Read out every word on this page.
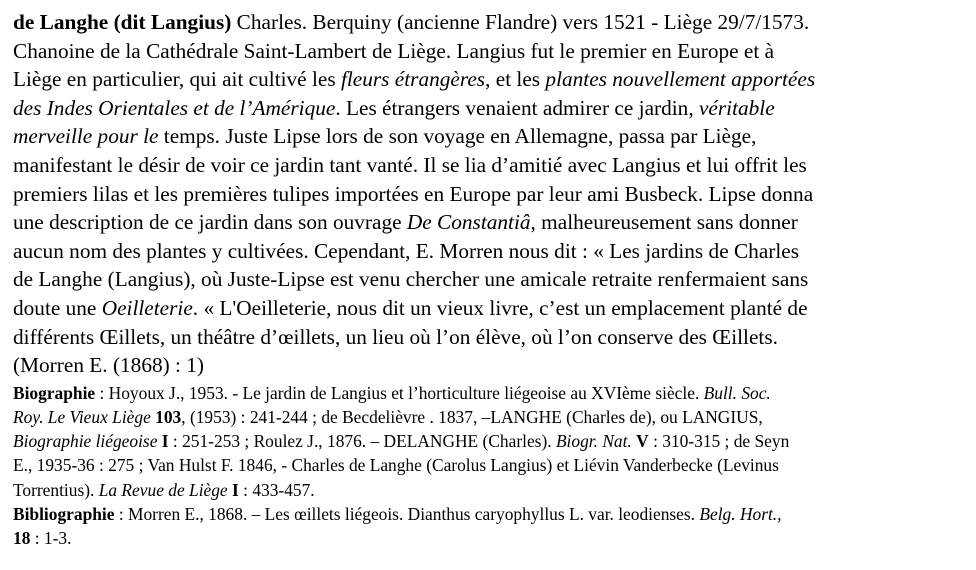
de Langhe (dit Langius) Charles. Berquiny (ancienne Flandre) vers 1521 - Liège 29/7/1573.
Chanoine de la Cathédrale Saint-Lambert de Liège. Langius fut le premier en Europe et à
Liège en particulier, qui ait cultivé les fleurs étrangères, et les plantes nouvellement apportées
des Indes Orientales et de l’Amérique. Les étrangers venaient admirer ce jardin, véritable
merveille pour le temps. Juste Lipse lors de son voyage en Allemagne, passa par Liège,
manifestant le désir de voir ce jardin tant vanté. Il se lia d’amitié avec Langius et lui offrit les
premiers lilas et les premières tulipes importées en Europe par leur ami Busbeck. Lipse donna
une description de ce jardin dans son ouvrage De Constantiâ, malheureusement sans donner
aucun nom des plantes y cultivées. Cependant, E. Morren nous dit : « Les jardins de Charles
de Langhe (Langius), où Juste-Lipse est venu chercher une amicale retraite renfermaient sans
doute une Oeilleterie. « L'Oeilleterie, nous dit un vieux livre, c’est un emplacement planté de
différents Œillets, un théâtre d’œillets, un lieu où l’on élève, où l’on conserve des Œillets.
(Morren E. (1868) : 1)
Biographie : Hoyoux J., 1953. - Le jardin de Langius et l’horticulture liégeoise au XVIème siècle. Bull. Soc.
Roy. Le Vieux Liège 103, (1953) : 241-244 ; de Becdelièvre . 1837, –LANGHE (Charles de), ou LANGIUS,
Biographie liégeoise I : 251-253 ; Roulez J., 1876. – DELANGHE (Charles). Biogr. Nat. V : 310-315 ; de Seyn
E., 1935-36 : 275 ; Van Hulst F. 1846, - Charles de Langhe (Carolus Langius) et Liévin Vanderbecke (Levinus
Torrentius). La Revue de Liège I : 433-457.
Bibliographie : Morren E., 1868. – Les œillets liégeois. Dianthus caryophyllus L. var. leodienses. Belg. Hort.,
18 : 1-3.
